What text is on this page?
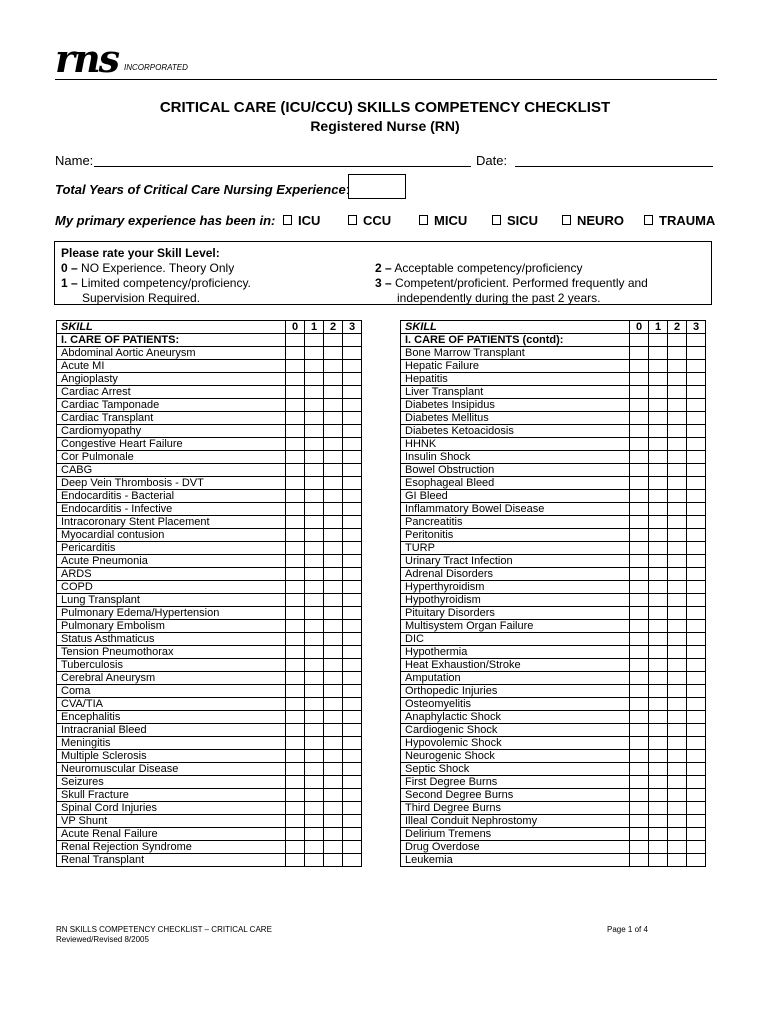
rns INCORPORATED
CRITICAL CARE (ICU/CCU) SKILLS COMPETENCY CHECKLIST
Registered Nurse (RN)
Name:	Date:
Total Years of Critical Care Nursing Experience:
My primary experience has been in:	ICU	CCU	MICU	SICU	NEURO	TRAUMA
Please rate your Skill Level:
0 – NO Experience. Theory Only
1 – Limited competency/proficiency.
Supervision Required.
2 – Acceptable competency/proficiency
3 – Competent/proficient. Performed frequently and
independently during the past 2 years.
SKILL	0	1	2	3
I. CARE OF PATIENTS:				
Abdominal Aortic Aneurysm				
Acute MI				
Angioplasty				
Cardiac Arrest				
Cardiac Tamponade				
Cardiac Transplant				
Cardiomyopathy				
Congestive Heart Failure				
Cor Pulmonale				
CABG				
Deep Vein Thrombosis - DVT				
Endocarditis - Bacterial				
Endocarditis - Infective				
Intracoronary Stent Placement				
Myocardial contusion				
Pericarditis				
Acute Pneumonia				
ARDS				
COPD				
Lung Transplant				
Pulmonary Edema/Hypertension				
Pulmonary Embolism				
Status Asthmaticus				
Tension Pneumothorax				
Tuberculosis				
Cerebral Aneurysm				
Coma				
CVA/TIA				
Encephalitis				
Intracranial Bleed				
Meningitis				
Multiple Sclerosis				
Neuromuscular Disease				
Seizures				
Skull Fracture				
Spinal Cord Injuries				
VP Shunt				
Acute Renal Failure				
Renal Rejection Syndrome				
Renal Transplant				
SKILL	0	1	2	3
I. CARE OF PATIENTS (contd):				
Bone Marrow Transplant				
Hepatic Failure				
Hepatitis				
Liver Transplant				
Diabetes Insipidus				
Diabetes Mellitus				
Diabetes Ketoacidosis				
HHNK				
Insulin Shock				
Bowel Obstruction				
Esophageal Bleed				
GI Bleed				
Inflammatory Bowel Disease				
Pancreatitis				
Peritonitis				
TURP				
Urinary Tract Infection				
Adrenal Disorders				
Hyperthyroidism				
Hypothyroidism				
Pituitary Disorders				
Multisystem Organ Failure				
DIC				
Hypothermia				
Heat Exhaustion/Stroke				
Amputation				
Orthopedic Injuries				
Osteomyelitis				
Anaphylactic Shock				
Cardiogenic Shock				
Hypovolemic Shock				
Neurogenic Shock				
Septic Shock				
First Degree Burns				
Second Degree Burns				
Third Degree Burns				
Illeal Conduit Nephrostomy				
Delirium Tremens				
Drug Overdose				
Leukemia				
RN SKILLS COMPETENCY CHECKLIST – CRITICAL CARE
Reviewed/Revised 8/2005
Page 1 of 4
